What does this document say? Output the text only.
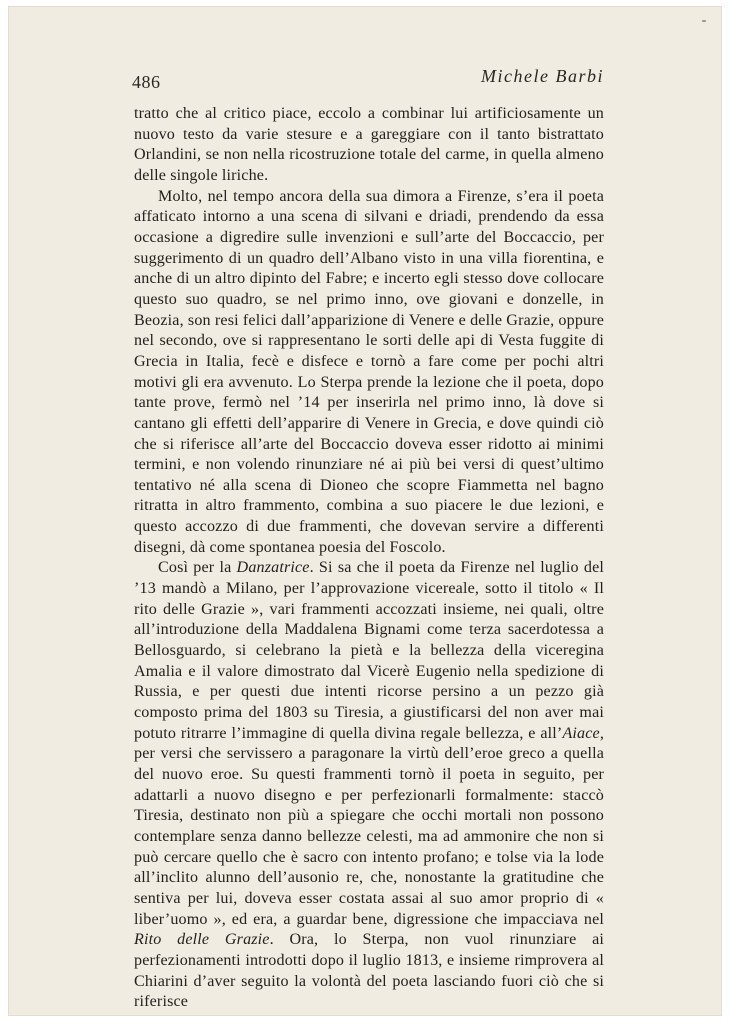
486	Michele Barbi

tratto che al critico piace, eccolo a combinar lui artificiosamente un nuovo testo da varie stesure e a gareggiare con il tanto bistrattato Orlandini, se non nella ricostruzione totale del carme, in quella almeno delle singole liriche.

Molto, nel tempo ancora della sua dimora a Firenze, s’era il poeta affaticato intorno a una scena di silvani e driadi, prendendo da essa occasione a digredire sulle invenzioni e sull’arte del Boccaccio, per suggerimento di un quadro dell’Albano visto in una villa fiorentina, e anche di un altro dipinto del Fabre; e incerto egli stesso dove collocare questo suo quadro, se nel primo inno, ove giovani e donzelle, in Beozia, son resi felici dall’apparizione di Venere e delle Grazie, oppure nel secondo, ove si rappresentano le sorti delle api di Vesta fuggite di Grecia in Italia, fecè e disfece e tornò a fare come per pochi altri motivi gli era avvenuto. Lo Sterpa prende la lezione che il poeta, dopo tante prove, fermò nel ’14 per inserirla nel primo inno, là dove si cantano gli effetti dell’apparire di Venere in Grecia, e dove quindi ciò che si riferisce all’arte del Boccaccio doveva esser ridotto ai minimi termini, e non volendo rinunziare né ai più bei versi di quest’ultimo tentativo né alla scena di Dioneo che scopre Fiammetta nel bagno ritratta in altro frammento, combina a suo piacere le due lezioni, e questo accozzo di due frammenti, che dovevan servire a differenti disegni, dà come spontanea poesia del Foscolo.

Così per la Danzatrice. Si sa che il poeta da Firenze nel luglio del ’13 mandò a Milano, per l’approvazione vicereale, sotto il titolo « Il rito delle Grazie », vari frammenti accozzati insieme, nei quali, oltre all’introduzione della Maddalena Bignami come terza sacerdotessa a Bellosguardo, si celebrano la pietà e la bellezza della viceregina Amalia e il valore dimostrato dal Vicerè Eugenio nella spedizione di Russia, e per questi due intenti ricorse persino a un pezzo già composto prima del 1803 su Tiresia, a giustificarsi del non aver mai potuto ritrarre l’immagine di quella divina regale bellezza, e all’Aiace, per versi che servissero a paragonare la virtù dell’eroe greco a quella del nuovo eroe. Su questi frammenti tornò il poeta in seguito, per adattarli a nuovo disegno e per perfezionarli formalmente: staccò Tiresia, destinato non più a spiegare che occhi mortali non possono contemplare senza danno bellezze celesti, ma ad ammonire che non si può cercare quello che è sacro con intento profano; e tolse via la lode all’inclito alunno dell’ausonio re, che, nonostante la gratitudine che sentiva per lui, doveva esser costata assai al suo amor proprio di « liber’uomo », ed era, a guardar bene, digressione che impacciava nel Rito delle Grazie. Ora, lo Sterpa, non vuol rinunziare ai perfezionamenti introdotti dopo il luglio 1813, e insieme rimprovera al Chiarini d’aver seguito la volontà del poeta lasciando fuori ciò che si riferisce
